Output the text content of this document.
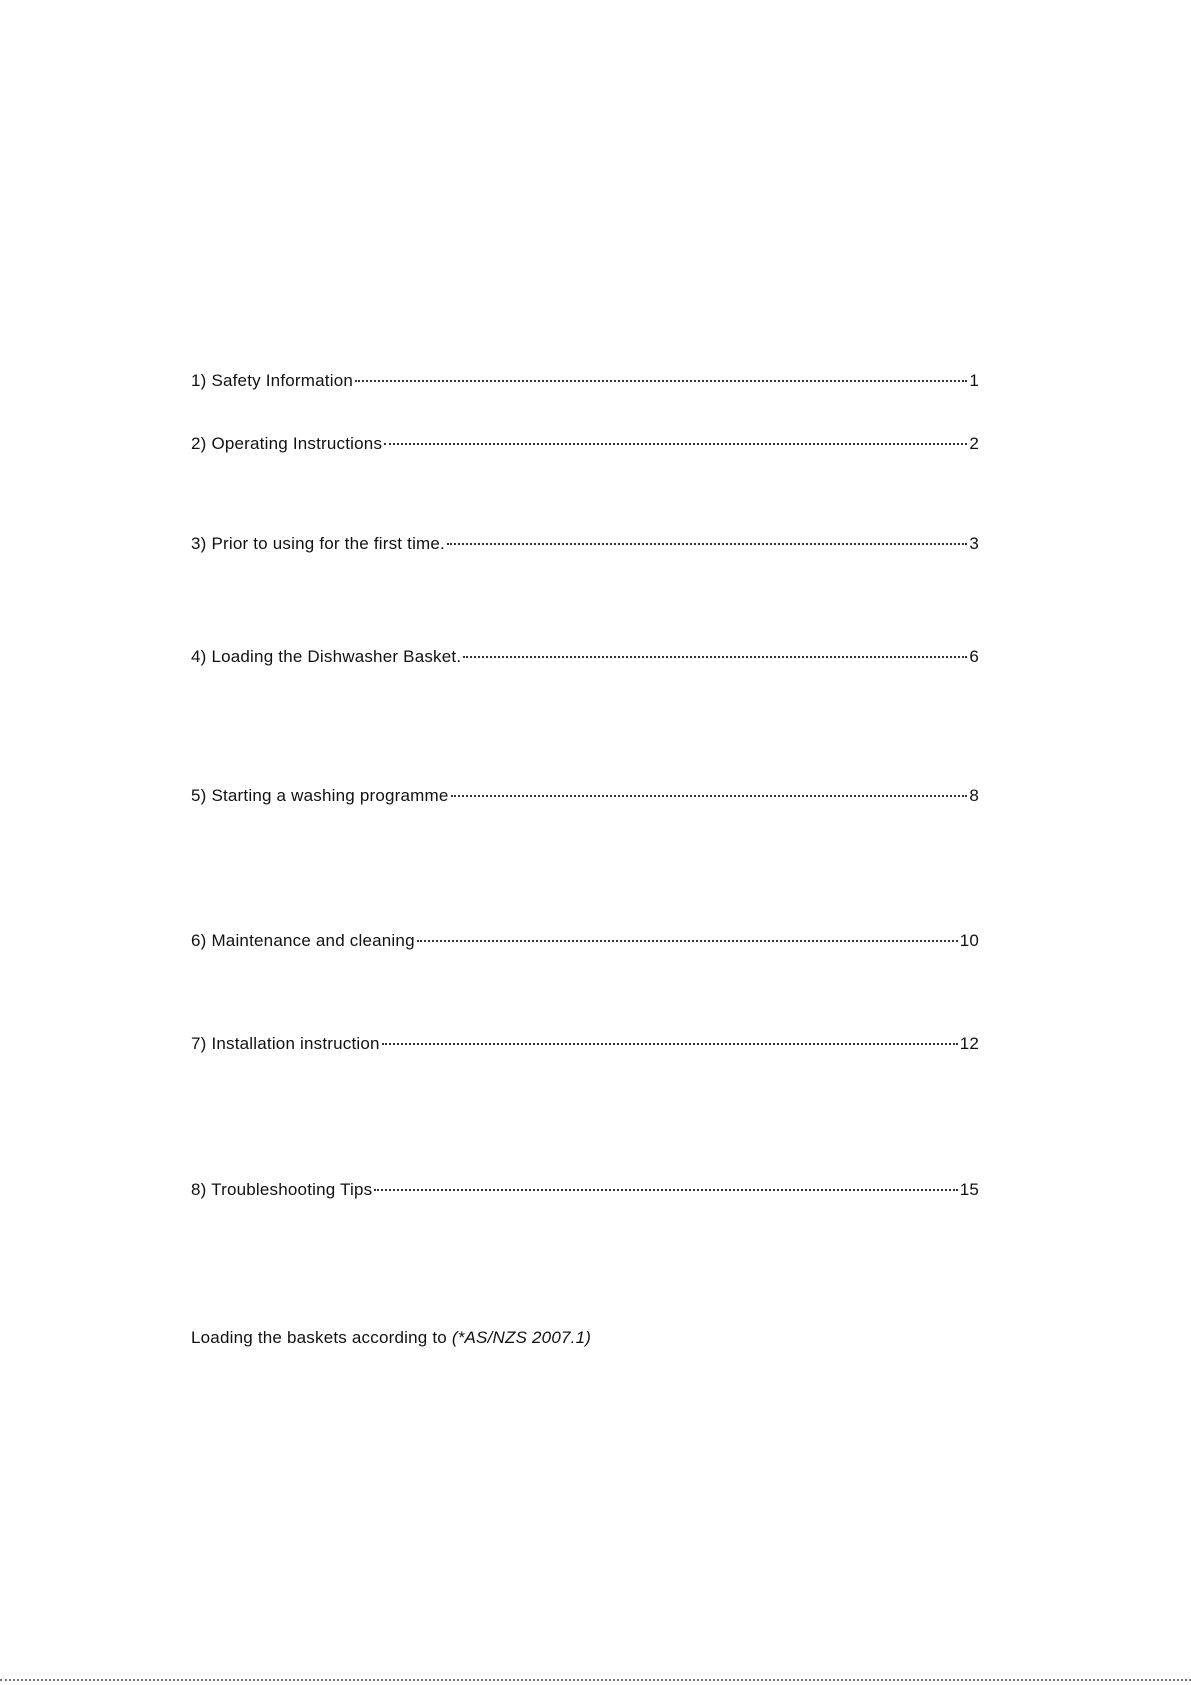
1) Safety Information	1
2) Operating Instructions	2
3) Prior to using for the first time.	3
4) Loading the Dishwasher Basket.	6
5) Starting a washing programme	8
6) Maintenance and cleaning	10
7) Installation instruction	12
8) Troubleshooting Tips	15
Loading the baskets according to (*AS/NZS 2007.1)
